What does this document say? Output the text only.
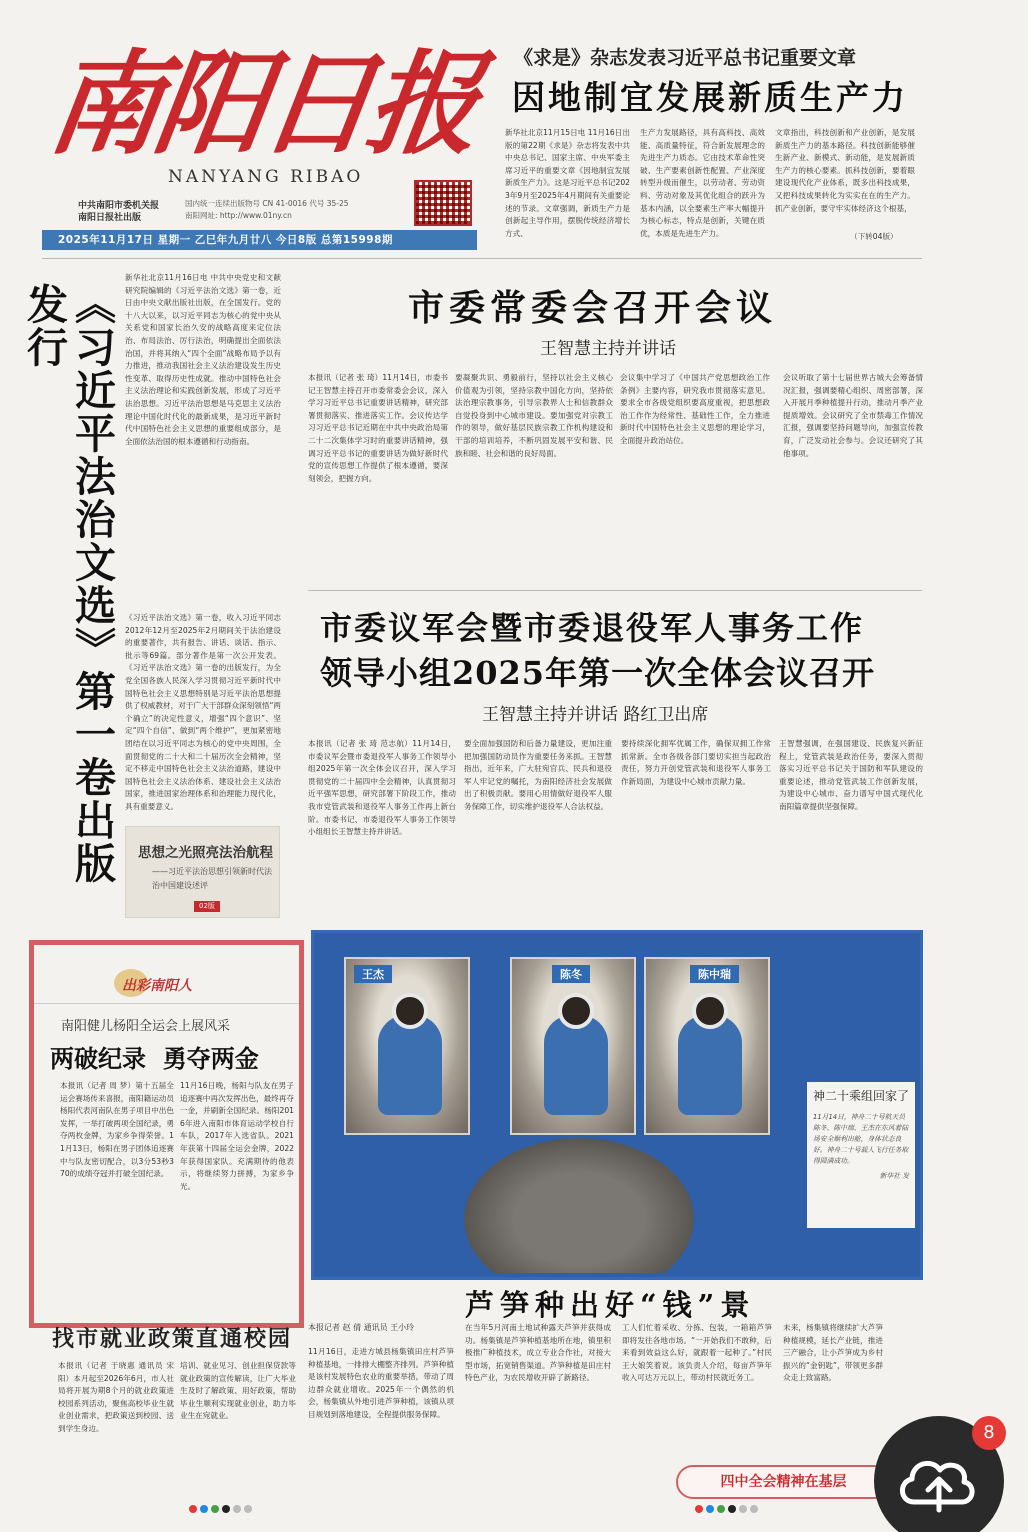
南阳日报
NANYANG RIBAO
中共南阳市委机关报
南阳日报社出版
国内统一连续出版物号 CN 41-0016 代号 35-25
南阳网址: http://www.01ny.cn
2025年11月17日 星期一 乙巳年九月廿八 今日8版 总第15998期
《求是》杂志发表习近平总书记重要文章
因地制宜发展新质生产力
新华社北京11月15日电 11月16日出版的第22期《求是》杂志将发表中共中央总书记、国家主席、中央军委主席习近平的重要文章《因地制宜发展新质生产力》。这是习近平总书记2023年9月至2025年4月期间有关重要论述的节录。文章强调，新质生产力是创新起主导作用，摆脱传统经济增长方式、
生产力发展路径，具有高科技、高效能、高质量特征，符合新发展理念的先进生产力质态。它由技术革命性突破、生产要素创新性配置、产业深度转型升级而催生，以劳动者、劳动资料、劳动对象及其优化组合的跃升为基本内涵，以全要素生产率大幅提升为核心标志，特点是创新，关键在质优，本质是先进生产力。
文章指出，科技创新和产业创新，是发展新质生产力的基本路径。科技创新能够催生新产业、新模式、新动能，是发展新质生产力的核心要素。抓科技创新，要着眼建设现代化产业体系，既多出科技成果，又把科技成果转化为实实在在的生产力。抓产业创新，要守牢实体经济这个根基，
（下转04版）
《习近平法治文选》第一卷出版发行
新华社北京11月16日电 中共中央党史和文献研究院编辑的《习近平法治文选》第一卷，近日由中央文献出版社出版，在全国发行。党的十八大以来，以习近平同志为核心的党中央从关系党和国家长治久安的战略高度来定位法治、布局法治、厉行法治，明确提出全面依法治国，并将其纳入“四个全面”战略布局予以有力推进，推动我国社会主义法治建设发生历史性变革、取得历史性成就。推动中国特色社会主义法治理论和实践创新发展，形成了习近平法治思想。习近平法治思想是马克思主义法治理论中国化时代化的最新成果，是习近平新时代中国特色社会主义思想的重要组成部分，是全面依法治国的根本遵循和行动指南。
《习近平法治文选》第一卷，收入习近平同志2012年12月至2025年2月期间关于法治建设的重要著作，共有报告、讲话、谈话、指示、批示等69篇。部分著作是第一次公开发表。《习近平法治文选》第一卷的出版发行，为全党全国各族人民深入学习贯彻习近平新时代中国特色社会主义思想特别是习近平法治思想提供了权威教材，对于广大干部群众深刻领悟“两个确立”的决定性意义，增强“四个意识”、坚定“四个自信”、做到“两个维护”，更加紧密地团结在以习近平同志为核心的党中央周围，全面贯彻党的二十大和二十届历次全会精神，坚定不移走中国特色社会主义法治道路，建设中国特色社会主义法治体系、建设社会主义法治国家，推进国家治理体系和治理能力现代化，具有重要意义。
思想之光照亮法治航程
——习近平法治思想引领新时代法治中国建设述评
02版
市委常委会召开会议
王智慧主持并讲话
本报讯（记者 张 琦）11月14日，市委书记王智慧主持召开市委常委会会议，深入学习习近平总书记重要讲话精神，研究部署贯彻落实、推进落实工作。会议传达学习习近平总书记近期在中共中央政治局第二十二次集体学习时的重要讲话精神，强调习近平总书记的重要讲话为做好新时代党的宣传思想工作提供了根本遵循，要深刻领会，把握方向。
要凝聚共识、勇毅前行，坚持以社会主义核心价值观为引领，坚持宗教中国化方向，坚持依法治理宗教事务，引导宗教界人士和信教群众自觉投身到中心城市建设。要加强党对宗教工作的领导，做好基层民族宗教工作机构建设和干部的培训培养，不断巩固发展平安和谐、民族和睦、社会和谐的良好局面。
会议集中学习了《中国共产党思想政治工作条例》主要内容，研究我市贯彻落实意见。要求全市各级党组织要高度重视，把思想政治工作作为经常性、基础性工作，全力推进新时代中国特色社会主义思想的理论学习，全面提升政治站位。
会议听取了第十七届世界古城大会筹备情况汇报，强调要精心组织、周密部署，深入开展月季种植提升行动，推动月季产业提质增效。会议研究了全市禁毒工作情况汇报，强调要坚持问题导向，加强宣传教育，广泛发动社会参与。会议还研究了其他事项。
市委议军会暨市委退役军人事务工作
领导小组2025年第一次全体会议召开
王智慧主持并讲话 路红卫出席
本报讯（记者 张 琦 范志航）11月14日，市委议军会暨市委退役军人事务工作领导小组2025年第一次全体会议召开，深入学习贯彻党的二十届四中全会精神，认真贯彻习近平强军思想，研究部署下阶段工作，推动我市党管武装和退役军人事务工作再上新台阶。市委书记、市委退役军人事务工作领导小组组长王智慧主持并讲话。
要全面加强国防和后备力量建设，更加注重把加强国防动员作为重要任务来抓。王智慧指出，近年来，广大驻宛官兵、民兵和退役军人牢记党的嘱托，为南阳经济社会发展做出了积极贡献。要用心用情做好退役军人服务保障工作，切实维护退役军人合法权益。
要持续深化拥军优属工作，确保双拥工作常抓常新。全市各级各部门要切实担当起政治责任，努力开创党管武装和退役军人事务工作新局面，为建设中心城市贡献力量。
王智慧强调，在强国建设、民族复兴新征程上，党管武装是政治任务，要深入贯彻落实习近平总书记关于国防和军队建设的重要论述，推动党管武装工作创新发展，为建设中心城市、奋力谱写中国式现代化南阳篇章提供坚强保障。
出彩南阳人
南阳健儿杨阳全运会上展风采
两破纪录  勇夺两金
本报讯（记者 周 梦）第十五届全运会赛场传来喜报，南阳籍运动员杨阳代表河南队在男子项目中出色发挥，一举打破两项全国纪录，勇夺两枚金牌，为家乡争得荣誉。11月13日，杨阳在男子团体追逐赛中与队友密切配合，以3分53秒370的成绩夺冠并打破全国纪录。
11月16日晚，杨阳与队友在男子追逐赛中再次发挥出色，最终再夺一金，并刷新全国纪录。杨阳2016年进入南阳市体育运动学校自行车队，2017年入选省队。2021年获第十四届全运会金牌，2022年获得国家队。充满期待的他表示，将继续努力拼搏，为家乡争光。
王杰	陈冬	陈中瑞
神二十乘组回家了
11月14日，神舟二十号航天员陈冬、陈中瑞、王杰在东风着陆场安全顺利出舱，身体状态良好。神舟二十号载人飞行任务取得圆满成功。
新华社 发
芦笋种出好“钱”景
本报记者 赵 倩 通讯员 王小玲
11月16日，走进方城县杨集镇田庄村芦笋种植基地，一排排大棚整齐排列。芦笋种植是该村发展特色农业的重要举措，带动了周边群众就业增收。2025年一个偶然的机会，杨集镇从外地引进芦笋种植，该镇从项目规划到落地建设，全程提供服务保障。
在当年5月河南土地试种露天芦笋并获得成功。杨集镇是芦笋种植基地所在地，镇里积极推广种植技术，成立专业合作社，对接大型市场，拓宽销售渠道。芦笋种植是田庄村特色产业，为农民增收开辟了新路径。
工人们忙着采收、分拣、包装，一箱箱芦笋即将发往各地市场。“一开始我们不敢种，后来看到效益这么好，就跟着一起种了。”村民王大娘笑着说。该负责人介绍，每亩芦笋年收入可达万元以上，带动村民就近务工。
未来，杨集镇将继续扩大芦笋种植规模，延长产业链，推进三产融合，让小芦笋成为乡村振兴的“金钥匙”，带领更多群众走上致富路。
找市就业政策直通校园
本报讯（记者 于晓惠 通讯员 宋 阳）本月起至2026年6月，市人社局将开展为期8个月的就业政策进校园系列活动，聚焦高校毕业生就业创业需求，把政策送到校园、送到学生身边。
培训、就业见习、创业担保贷款等就业政策的宣传解读，让广大毕业生及时了解政策、用好政策，帮助毕业生顺利实现就业创业，助力毕业生在宛就业。
四中全会精神在基层
8
